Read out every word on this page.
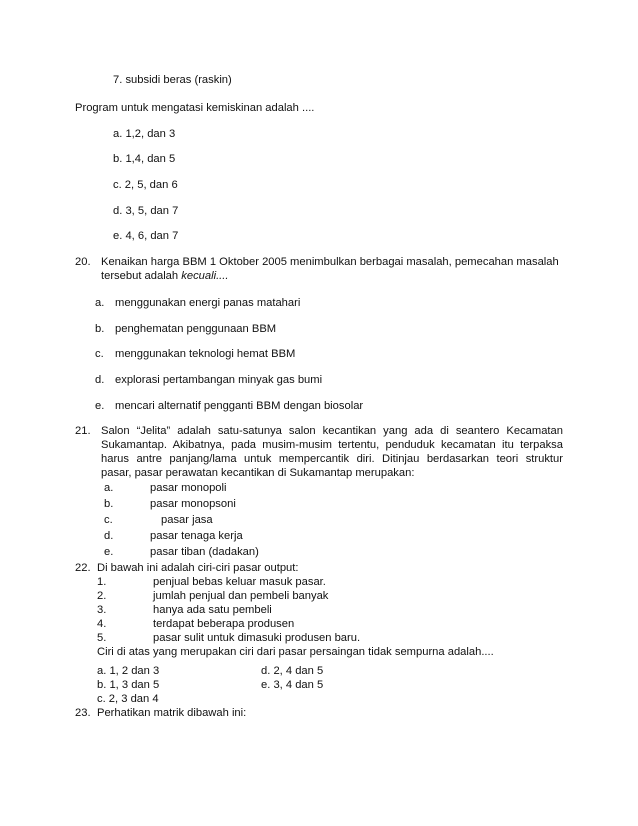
7. subsidi beras (raskin)
Program untuk mengatasi kemiskinan adalah ....
a. 1,2, dan 3
b. 1,4, dan 5
c. 2, 5, dan 6
d. 3, 5, dan 7
e. 4, 6, dan 7
20. Kenaikan harga BBM 1 Oktober 2005 menimbulkan berbagai masalah, pemecahan masalah
tersebut adalah kecuali....
a. menggunakan energi panas matahari
b. penghematan penggunaan BBM
c. menggunakan teknologi hemat BBM
d. explorasi pertambangan minyak gas bumi
e. mencari alternatif pengganti BBM dengan biosolar
21. Salon “Jelita” adalah satu-satunya salon kecantikan yang ada di seantero Kecamatan
Sukamantap. Akibatnya, pada musim-musim tertentu, penduduk kecamatan itu terpaksa
harus antre panjang/lama untuk mempercantik diri. Ditinjau berdasarkan teori struktur
pasar, pasar perawatan kecantikan di Sukamantap merupakan:
a.	pasar monopoli
b.	pasar monopsoni
c.	pasar jasa
d.	pasar tenaga kerja
e.	pasar tiban (dadakan)
22. Di bawah ini adalah ciri-ciri pasar output:
1.	penjual bebas keluar masuk pasar.
2.	jumlah penjual dan pembeli banyak
3.	hanya ada satu pembeli
4.	terdapat beberapa produsen
5.	pasar sulit untuk dimasuki produsen baru.
Ciri di atas yang merupakan ciri dari pasar persaingan tidak sempurna adalah....
a. 1, 2 dan 3	d. 2, 4 dan 5
b. 1, 3 dan 5	e. 3, 4 dan 5
c. 2, 3 dan 4
23. Perhatikan matrik dibawah ini:
